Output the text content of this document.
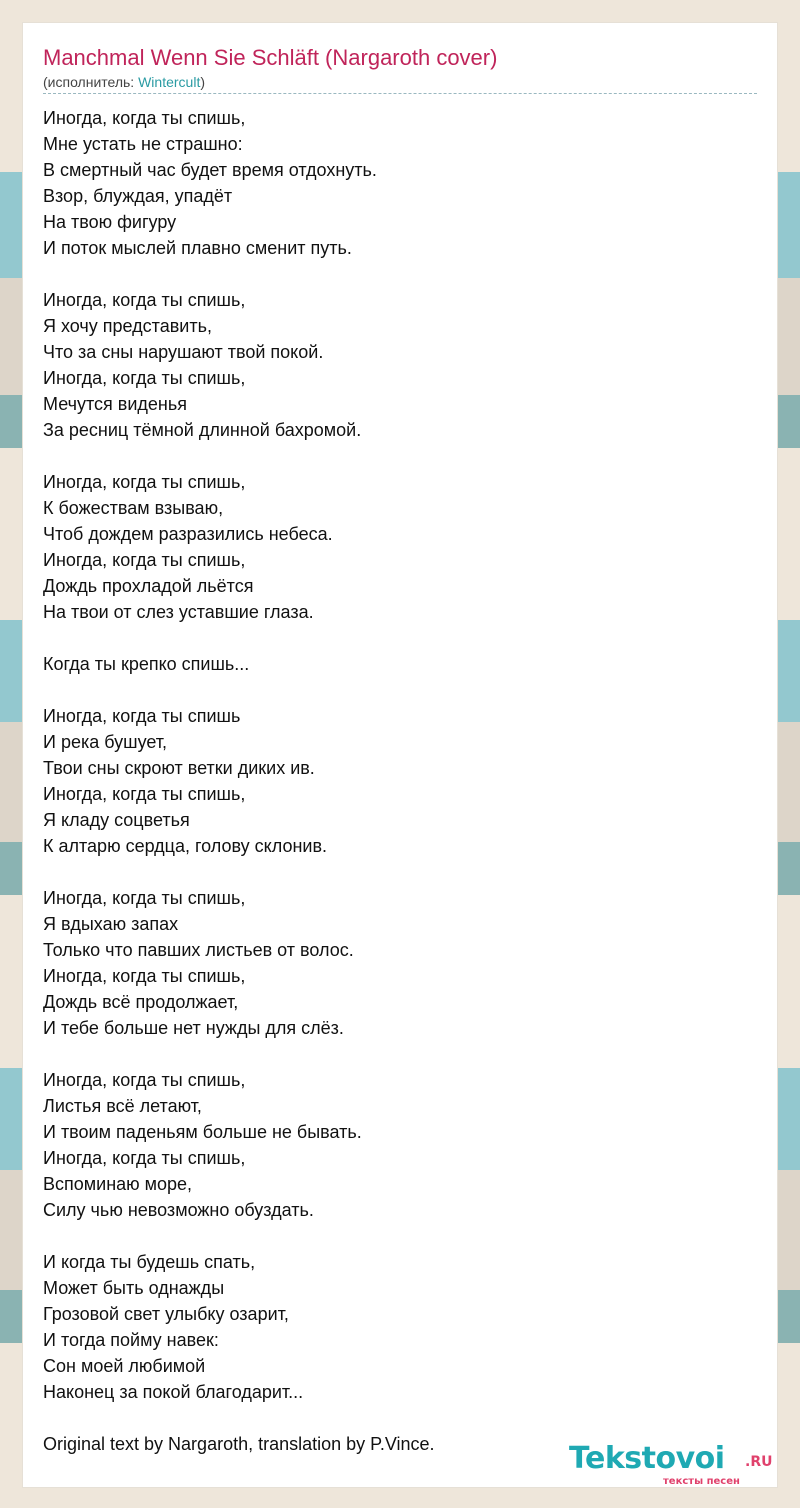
Manchmal Wenn Sie Schläft (Nargaroth cover)
(исполнитель: Wintercult)
Иногда, когда ты спишь,
Мне устать не страшно:
В смертный час будет время отдохнуть.
Взор, блуждая, упадёт
На твою фигуру
И поток мыслей плавно сменит путь.
Иногда, когда ты спишь,
Я хочу представить,
Что за сны нарушают твой покой.
Иногда, когда ты спишь,
Мечутся виденья
За ресниц тёмной длинной бахромой.
Иногда, когда ты спишь,
К божествам взываю,
Чтоб дождем разразились небеса.
Иногда, когда ты спишь,
Дождь прохладой льётся
На твои от слез уставшие глаза.
Когда ты крепко спишь...
Иногда, когда ты спишь
И река бушует,
Твои сны скроют ветки диких ив.
Иногда, когда ты спишь,
Я кладу соцветья
К алтарю сердца, голову склонив.
Иногда, когда ты спишь,
Я вдыхаю запах
Только что павших листьев от волос.
Иногда, когда ты спишь,
Дождь всё продолжает,
И тебе больше нет нужды для слёз.
Иногда, когда ты спишь,
Листья всё летают,
И твоим паденьям больше не бывать.
Иногда, когда ты спишь,
Вспоминаю море,
Силу чью невозможно обуздать.
И когда ты будешь спать,
Может быть однажды
Грозовой свет улыбку озарит,
И тогда пойму навек:
Сон моей любимой
Наконец за покой благодарит...
Original text by Nargaroth, translation by P.Vince.	Tekstovoi .RU
тексты песен
